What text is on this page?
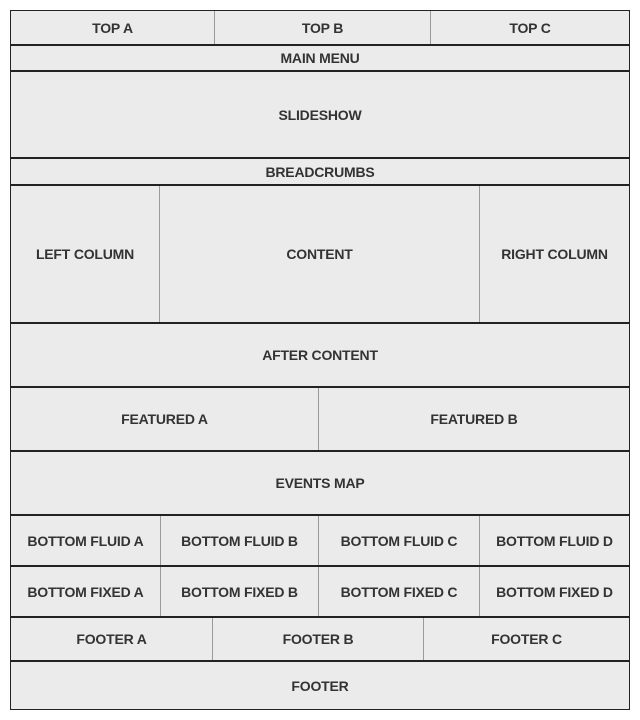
TOP A	TOP B	TOP C
MAIN MENU
SLIDESHOW
BREADCRUMBS
LEFT COLUMN	CONTENT	RIGHT COLUMN
AFTER CONTENT
FEATURED A	FEATURED B
EVENTS MAP
BOTTOM FLUID A	BOTTOM FLUID B	BOTTOM FLUID C	BOTTOM FLUID D
BOTTOM FIXED A	BOTTOM FIXED B	BOTTOM FIXED C	BOTTOM FIXED D
FOOTER A	FOOTER B	FOOTER C
FOOTER
